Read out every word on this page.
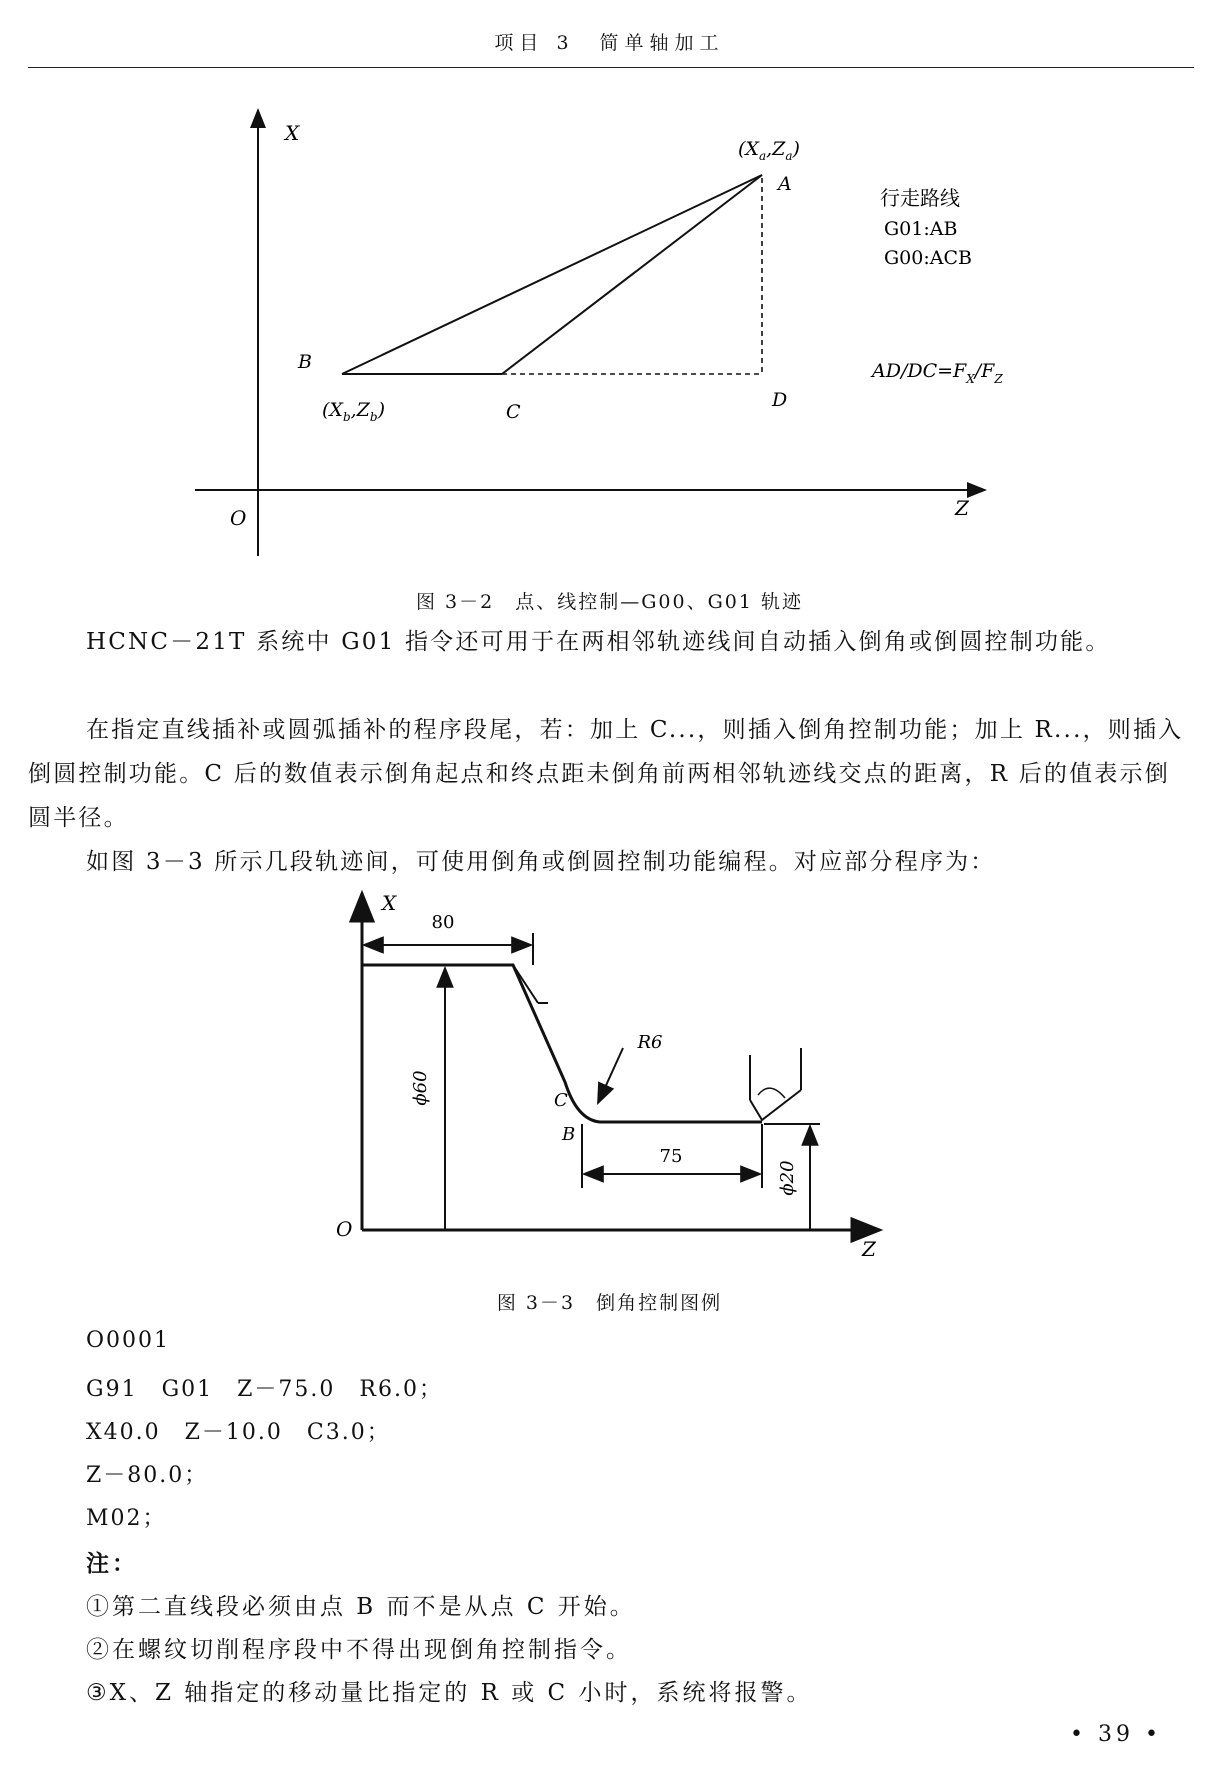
项目 3　简单轴加工
X
Z
O
$(X_a,Z_a)$
A
B
$(X_b,Z_b)$	C
D
行走路线
G01:AB
G00:ACB
$AD/DC=F_X/F_Z$
图 3－2　点、线控制—G00、G01 轨迹
HCNC－21T 系统中 G01 指令还可用于在两相邻轨迹线间自动插入倒角或倒圆控制功能。
在指定直线插补或圆弧插补的程序段尾，若：加上 C...，则插入倒角控制功能；加上 R...，则插入倒圆控制功能。C 后的数值表示倒角起点和终点距未倒角前两相邻轨迹线交点的距离，R 后的值表示倒圆半径。
如图 3－3 所示几段轨迹间，可使用倒角或倒圆控制功能编程。对应部分程序为：
X
Z
O
80
ϕ60
R6
C
B
75
ϕ20
图 3－3　倒角控制图例
O0001
G91　G01　Z－75.0　R6.0；
X40.0　Z－10.0　C3.0；
Z－80.0；
M02；
注：
①第二直线段必须由点 B 而不是从点 C 开始。
②在螺纹切削程序段中不得出现倒角控制指令。
③X、Z 轴指定的移动量比指定的 R 或 C 小时，系统将报警。
• 39 •
